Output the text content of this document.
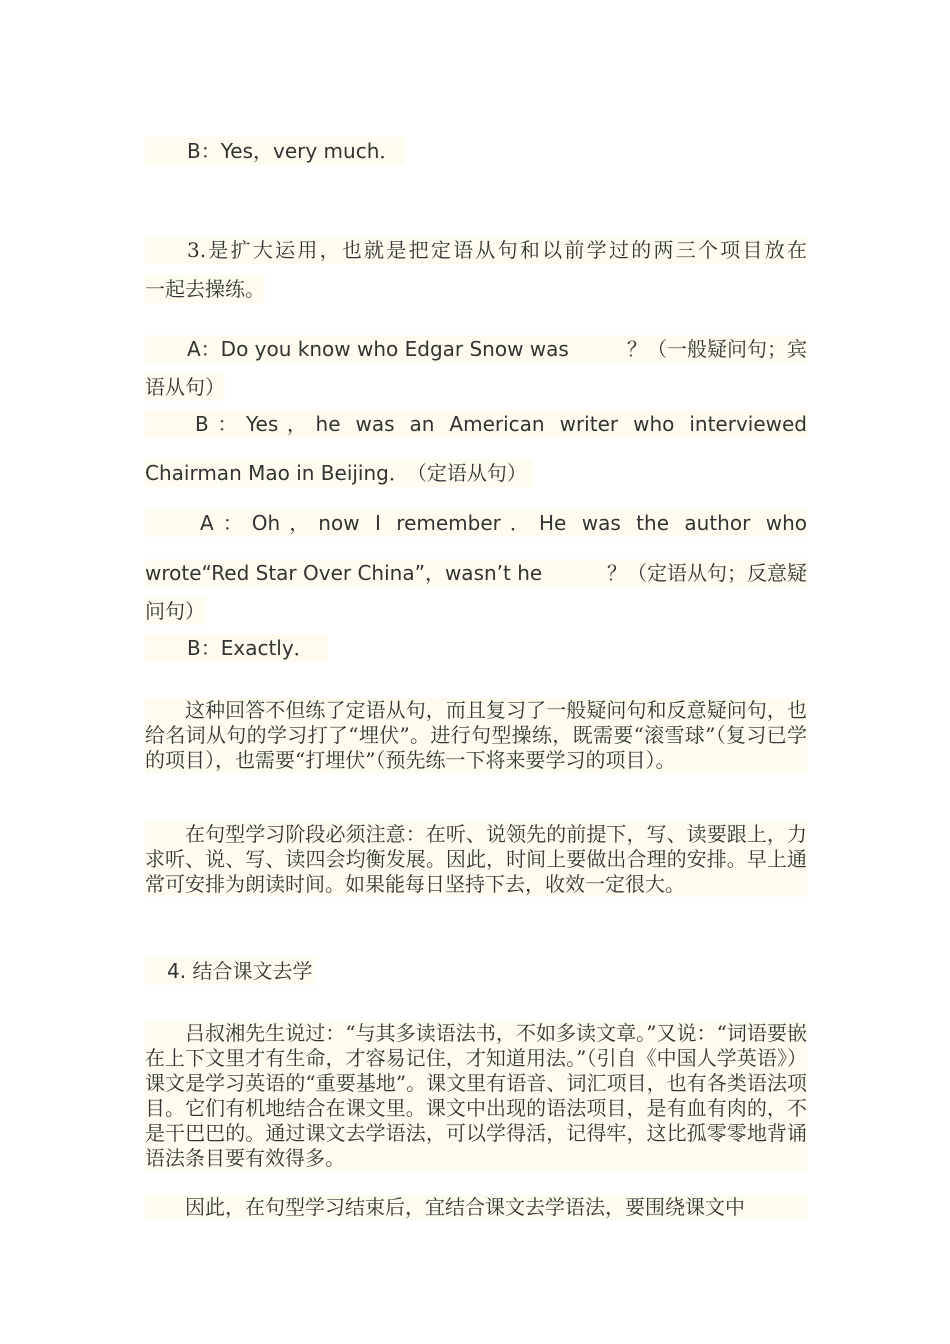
B：Yes，very much．
3.是扩大运用，也就是把定语从句和以前学过的两三个项目放在
一起去操练。
A：Do you know who Edgar Snow was	？（一般疑问句；宾
语从句）
B：Yes，he was an American writer who interviewed
Chairman Mao in Beijing． （定语从句）
A：Oh，now I remember．He was the author who
wrote“Red Star Over China”，wasn’t he	？（定语从句；反意疑
问句）
B：Exactly．
这种回答不但练了定语从句，而且复习了一般疑问句和反意疑问句，也给名词从句的学习打了“埋伏”。进行句型操练，既需要“滚雪球”（复习已学的项目），也需要“打埋伏”（预先练一下将来要学习的项目）。
在句型学习阶段必须注意：在听、说领先的前提下，写、读要跟上，力求听、说、写、读四会均衡发展。因此，时间上要做出合理的安排。早上通常可安排为朗读时间。如果能每日坚持下去，收效一定很大。
4. 结合课文去学
吕叔湘先生说过：“与其多读语法书，不如多读文章。”又说：“词语要嵌在上下文里才有生命，才容易记住，才知道用法。”（引自《中国人学英语》）课文是学习英语的“重要基地”。课文里有语音、词汇项目，也有各类语法项目。它们有机地结合在课文里。课文中出现的语法项目，是有血有肉的，不是干巴巴的。通过课文去学语法，可以学得活，记得牢，这比孤零零地背诵语法条目要有效得多。
因此，在句型学习结束后，宜结合课文去学语法，要围绕课文中
